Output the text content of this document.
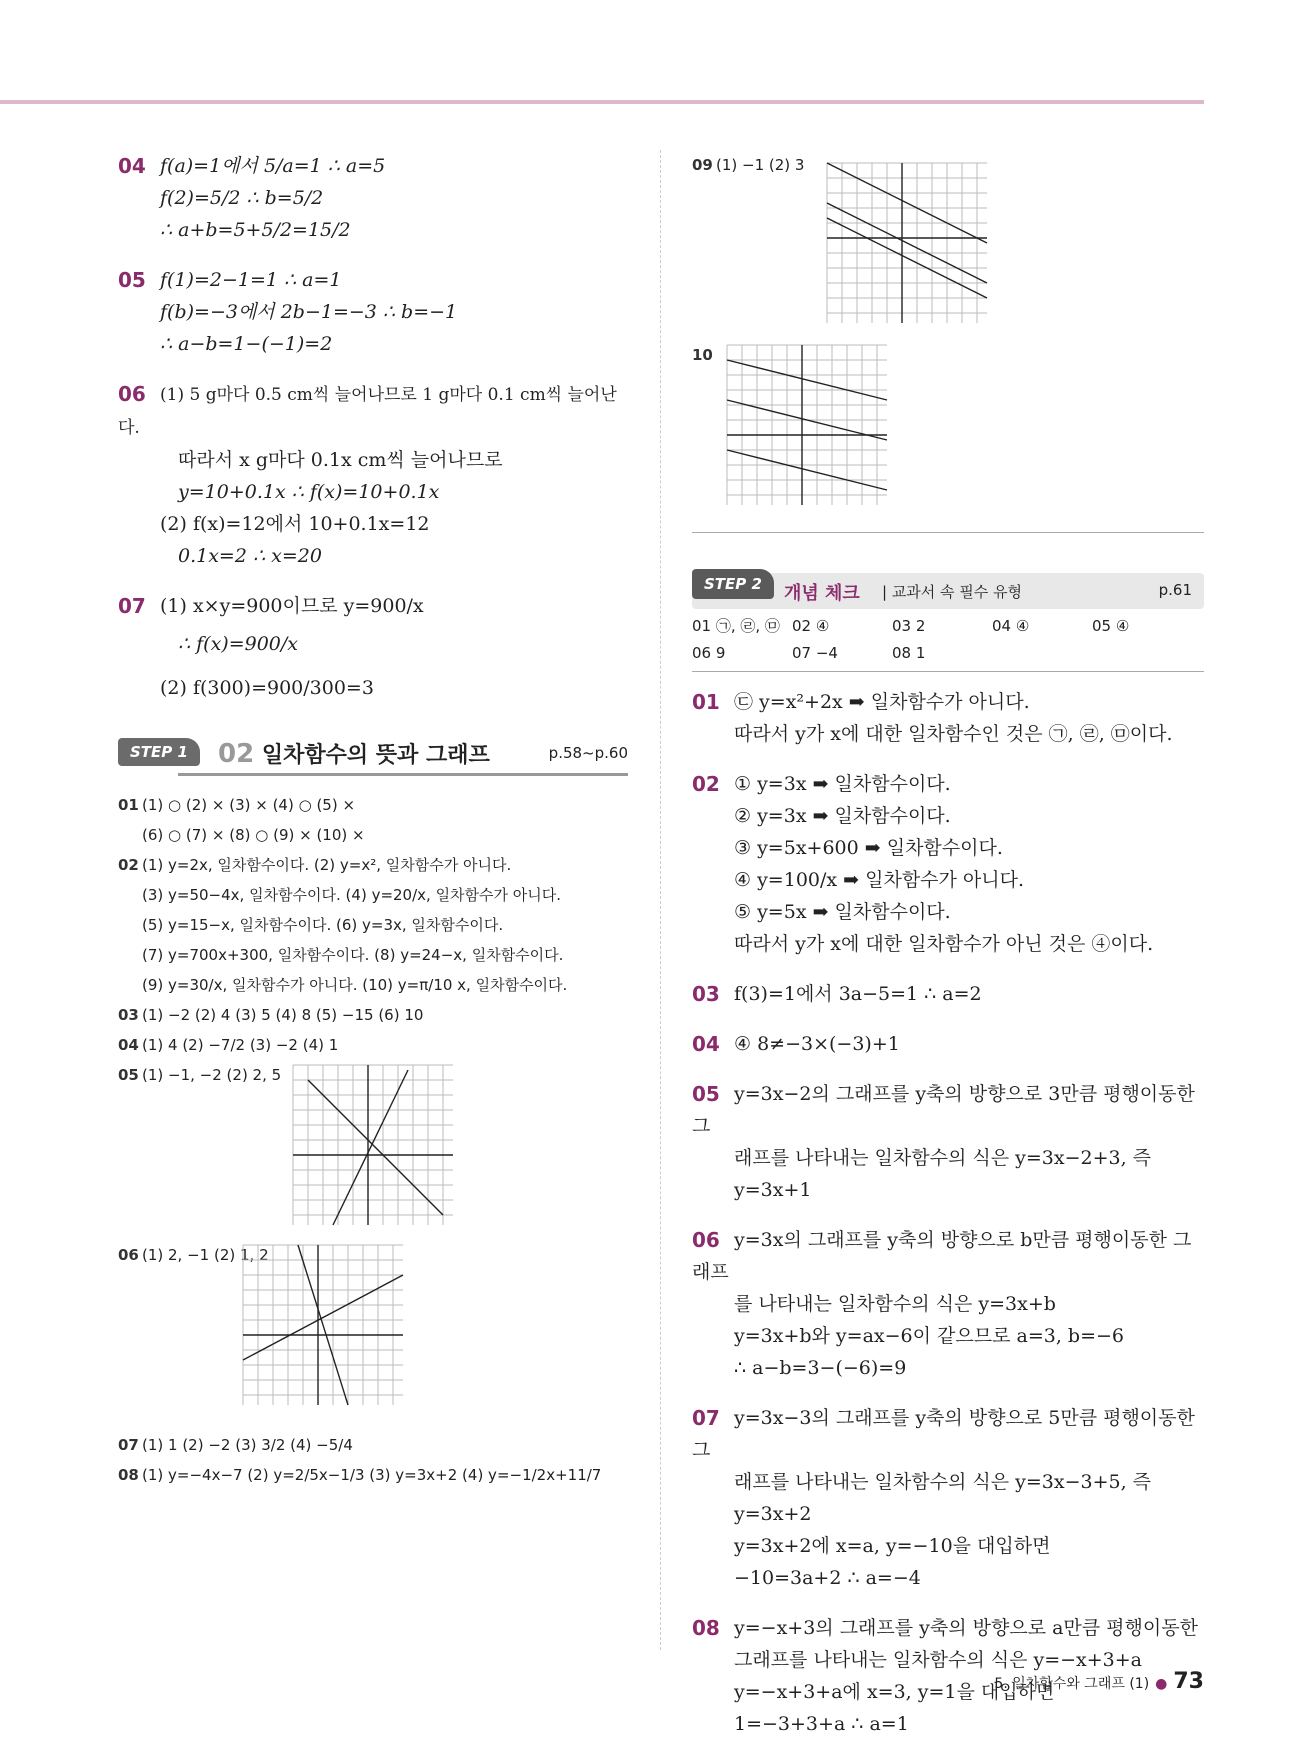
04 f(a)=1에서 5/a=1 ∴ a=5
f(2)=5/2 ∴ b=5/2
∴ a+b=5+5/2=15/2
05 f(1)=2−1=1 ∴ a=1
f(b)=−3에서 2b−1=−3 ∴ b=−1
∴ a−b=1−(−1)=2
06 (1) 5 g마다 0.5 cm씩 늘어나므로 1 g마다 0.1 cm씩 늘어난다.
따라서 x g마다 0.1x cm씩 늘어나므로
y=10+0.1x ∴ f(x)=10+0.1x
(2) f(x)=12에서 10+0.1x=12
0.1x=2 ∴ x=20
07 (1) x×y=900이므로 y=900/x
∴ f(x)=900/x
(2) f(300)=900/300=3
STEP 1	02 일차함수의 뜻과 그래프	p.58~p.60
01 (1) ○ (2) × (3) × (4) ○ (5) ×
(6) ○ (7) × (8) ○ (9) × (10) ×
02 (1) y=2x, 일차함수이다. (2) y=x², 일차함수가 아니다.
(3) y=50−4x, 일차함수이다. (4) y=20/x, 일차함수가 아니다.
(5) y=15−x, 일차함수이다. (6) y=3x, 일차함수이다.
(7) y=700x+300, 일차함수이다. (8) y=24−x, 일차함수이다.
(9) y=30/x, 일차함수가 아니다. (10) y=π/10 x, 일차함수이다.
03 (1) −2 (2) 4 (3) 5 (4) 8 (5) −15 (6) 10
04 (1) 4 (2) −7/2 (3) −2 (4) 1
05 (1) −1, −2 (2) 2, 5
06 (1) 2, −1 (2) 1, 2
07 (1) 1 (2) −2 (3) 3/2 (4) −5/4
08 (1) y=−4x−7 (2) y=2/5x−1/3 (3) y=3x+2 (4) y=−1/2x+11/7
09 (1) −1 (2) 3
10
STEP 2	개념 체크 | 교과서 속 필수 유형	p.61
01 ㉠, ㉣, ㉤ 02 ④	03 2	04 ④	05 ④
06 9	07 −4	08 1
01 ㉢ y=x²+2x ➡ 일차함수가 아니다.
따라서 y가 x에 대한 일차함수인 것은 ㉠, ㉣, ㉤이다.
02 ① y=3x ➡ 일차함수이다.
② y=3x ➡ 일차함수이다.
③ y=5x+600 ➡ 일차함수이다.
④ y=100/x ➡ 일차함수가 아니다.
⑤ y=5x ➡ 일차함수이다.
따라서 y가 x에 대한 일차함수가 아닌 것은 ④이다.
03 f(3)=1에서 3a−5=1 ∴ a=2
04 ④ 8≠−3×(−3)+1
05 y=3x−2의 그래프를 y축의 방향으로 3만큼 평행이동한 그
래프를 나타내는 일차함수의 식은 y=3x−2+3, 즉
y=3x+1
06 y=3x의 그래프를 y축의 방향으로 b만큼 평행이동한 그래프
를 나타내는 일차함수의 식은 y=3x+b
y=3x+b와 y=ax−6이 같으므로 a=3, b=−6
∴ a−b=3−(−6)=9
07 y=3x−3의 그래프를 y축의 방향으로 5만큼 평행이동한 그
래프를 나타내는 일차함수의 식은 y=3x−3+5, 즉
y=3x+2
y=3x+2에 x=a, y=−10을 대입하면
−10=3a+2 ∴ a=−4
08 y=−x+3의 그래프를 y축의 방향으로 a만큼 평행이동한
그래프를 나타내는 일차함수의 식은 y=−x+3+a
y=−x+3+a에 x=3, y=1을 대입하면
1=−3+3+a ∴ a=1
5. 일차함수와 그래프 (1) ● 73
